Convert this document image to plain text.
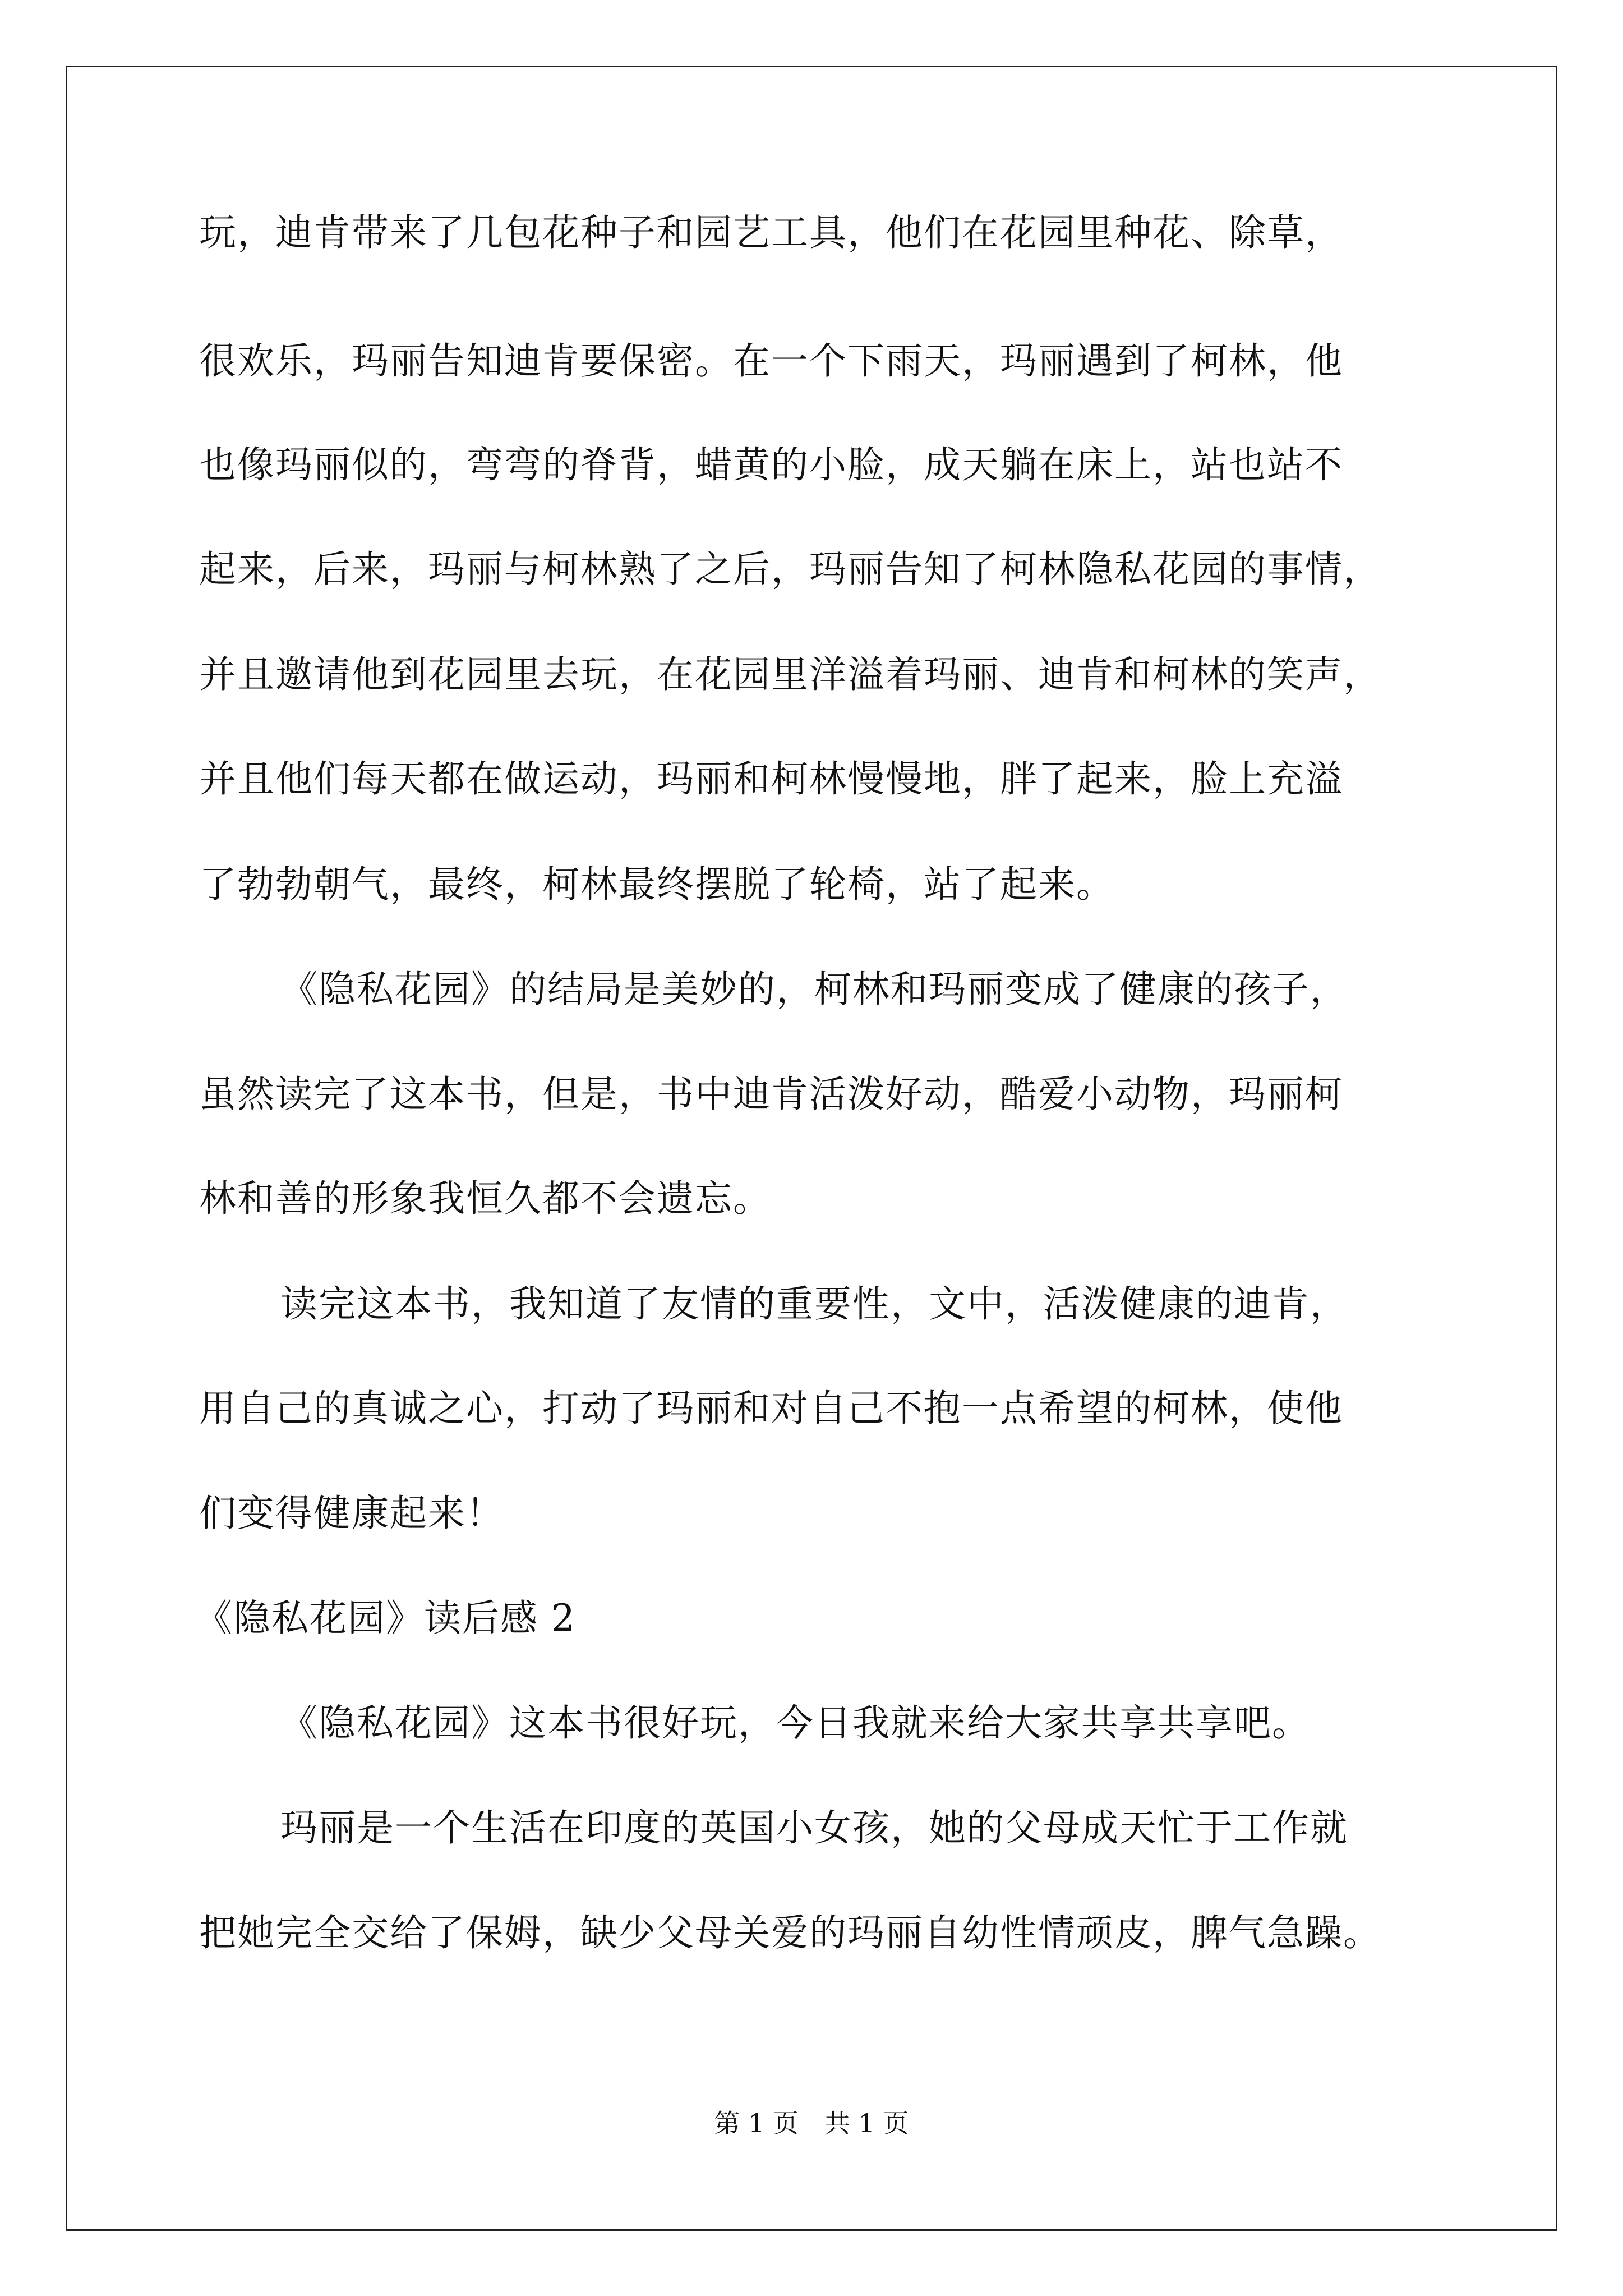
玩，迪肯带来了几包花种子和园艺工具，他们在花园里种花、除草，
很欢乐，玛丽告知迪肯要保密。在一个下雨天，玛丽遇到了柯林，他
也像玛丽似的，弯弯的脊背，蜡黄的小脸，成天躺在床上，站也站不
起来，后来，玛丽与柯林熟了之后，玛丽告知了柯林隐私花园的事情，
并且邀请他到花园里去玩，在花园里洋溢着玛丽、迪肯和柯林的笑声，
并且他们每天都在做运动，玛丽和柯林慢慢地，胖了起来，脸上充溢
了勃勃朝气，最终，柯林最终摆脱了轮椅，站了起来。
《隐私花园》的结局是美妙的，柯林和玛丽变成了健康的孩子，
虽然读完了这本书，但是，书中迪肯活泼好动，酷爱小动物，玛丽柯
林和善的形象我恒久都不会遗忘。
读完这本书，我知道了友情的重要性，文中，活泼健康的迪肯，
用自己的真诚之心，打动了玛丽和对自己不抱一点希望的柯林，使他
们变得健康起来！
《隐私花园》读后感 2
《隐私花园》这本书很好玩，今日我就来给大家共享共享吧。
玛丽是一个生活在印度的英国小女孩，她的父母成天忙于工作就
把她完全交给了保姆，缺少父母关爱的玛丽自幼性情顽皮，脾气急躁。
第 1 页　共 1 页
